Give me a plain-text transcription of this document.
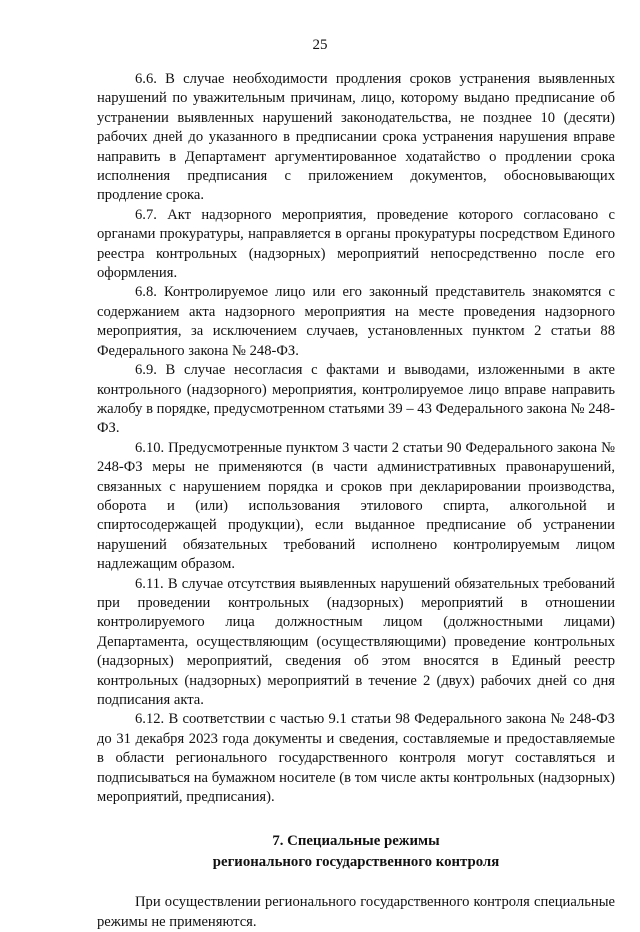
25

6.6. В случае необходимости продления сроков устранения выявленных нарушений по уважительным причинам, лицо, которому выдано предписание об устранении выявленных нарушений законодательства, не позднее 10 (десяти) рабочих дней до указанного в предписании срока устранения нарушения вправе направить в Департамент аргументированное ходатайство о продлении срока исполнения предписания с приложением документов, обосновывающих продление срока.

6.7. Акт надзорного мероприятия, проведение которого согласовано с органами прокуратуры, направляется в органы прокуратуры посредством Единого реестра контрольных (надзорных) мероприятий непосредственно после его оформления.

6.8. Контролируемое лицо или его законный представитель знакомятся с содержанием акта надзорного мероприятия на месте проведения надзорного мероприятия, за исключением случаев, установленных пунктом 2 статьи 88 Федерального закона № 248-ФЗ.

6.9. В случае несогласия с фактами и выводами, изложенными в акте контрольного (надзорного) мероприятия, контролируемое лицо вправе направить жалобу в порядке, предусмотренном статьями 39 – 43 Федерального закона № 248-ФЗ.

6.10. Предусмотренные пунктом 3 части 2 статьи 90 Федерального закона № 248-ФЗ меры не применяются (в части административных правонарушений, связанных с нарушением порядка и сроков при декларировании производства, оборота и (или) использования этилового спирта, алкогольной и спиртосодержащей продукции), если выданное предписание об устранении нарушений обязательных требований исполнено контролируемым лицом надлежащим образом.

6.11. В случае отсутствия выявленных нарушений обязательных требований при проведении контрольных (надзорных) мероприятий в отношении контролируемого лица должностным лицом (должностными лицами) Департамента, осуществляющим (осуществляющими) проведение контрольных (надзорных) мероприятий, сведения об этом вносятся в Единый реестр контрольных (надзорных) мероприятий в течение 2 (двух) рабочих дней со дня подписания акта.

6.12. В соответствии с частью 9.1 статьи 98 Федерального закона № 248-ФЗ до 31 декабря 2023 года документы и сведения, составляемые и предоставляемые в области регионального государственного контроля могут составляться и подписываться на бумажном носителе (в том числе акты контрольных (надзорных) мероприятий, предписания).

7. Специальные режимы
регионального государственного контроля

При осуществлении регионального государственного контроля специальные режимы не применяются.
